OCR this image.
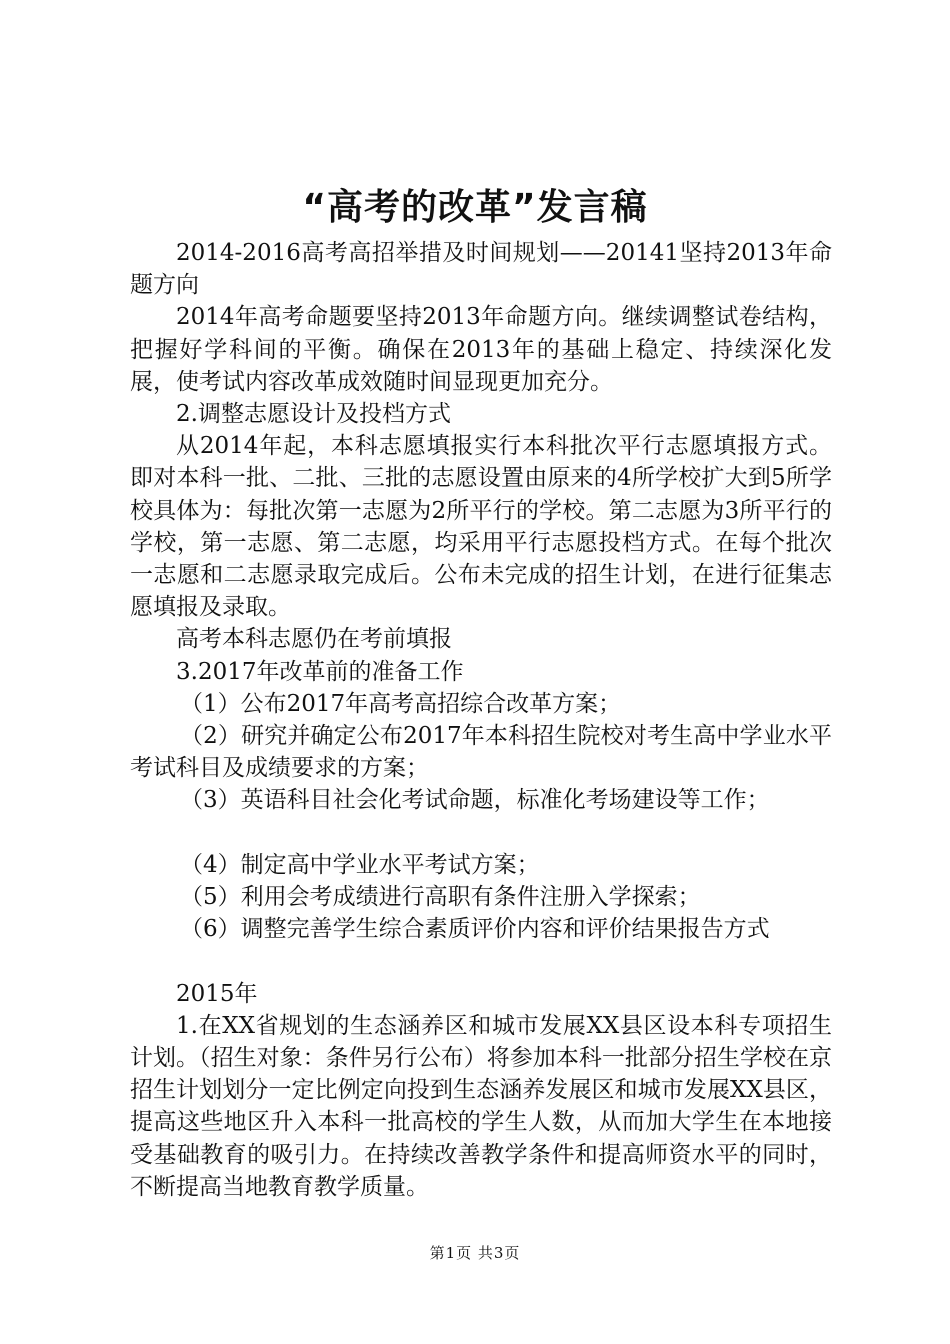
“高考的改革”发言稿

2014-2016高考高招举措及时间规划——20141坚持2013年命题方向

2014年高考命题要坚持2013年命题方向。继续调整试卷结构，把握好学科间的平衡。确保在2013年的基础上稳定、持续深化发展，使考试内容改革成效随时间显现更加充分。

2.调整志愿设计及投档方式

从2014年起，本科志愿填报实行本科批次平行志愿填报方式。即对本科一批、二批、三批的志愿设置由原来的4所学校扩大到5所学校具体为：每批次第一志愿为2所平行的学校。第二志愿为3所平行的学校，第一志愿、第二志愿，均采用平行志愿投档方式。在每个批次一志愿和二志愿录取完成后。公布未完成的招生计划，在进行征集志愿填报及录取。

高考本科志愿仍在考前填报

3.2017年改革前的准备工作

（1）公布2017年高考高招综合改革方案；

（2）研究并确定公布2017年本科招生院校对考生高中学业水平考试科目及成绩要求的方案；

（3）英语科目社会化考试命题，标准化考场建设等工作；

（4）制定高中学业水平考试方案；

（5）利用会考成绩进行高职有条件注册入学探索；

（6）调整完善学生综合素质评价内容和评价结果报告方式

2015年

1.在XX省规划的生态涵养区和城市发展XX县区设本科专项招生计划。（招生对象：条件另行公布）将参加本科一批部分招生学校在京招生计划划分一定比例定向投到生态涵养发展区和城市发展XX县区，提高这些地区升入本科一批高校的学生人数，从而加大学生在本地接受基础教育的吸引力。在持续改善教学条件和提高师资水平的同时，不断提高当地教育教学质量。

第1页 共3页
